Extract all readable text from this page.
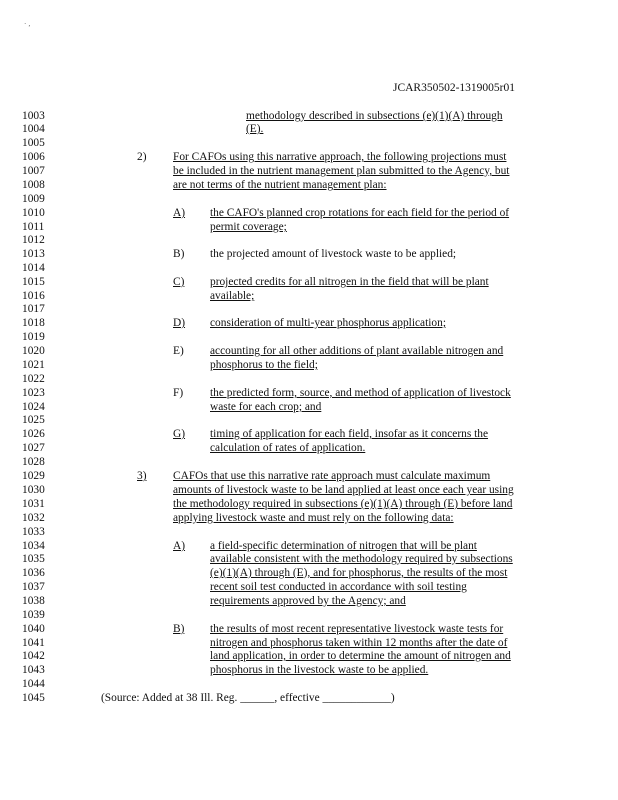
· ‚
JCAR350502-1319005r01
1003
1004
1005
1006
1007
1008
1009
1010
1011
1012
1013
1014
1015
1016
1017
1018
1019
1020
1021
1022
1023
1024
1025
1026
1027
1028
1029
1030
1031
1032
1033
1034
1035
1036
1037
1038
1039
1040
1041
1042
1043
1044
1045
methodology described in subsections (e)(1)(A) through
(E).
2) For CAFOs using this narrative approach, the following projections must
be included in the nutrient management plan submitted to the Agency, but
are not terms of the nutrient management plan:
A) the CAFO's planned crop rotations for each field for the period of
permit coverage;
B) the projected amount of livestock waste to be applied;
C) projected credits for all nitrogen in the field that will be plant
available;
D) consideration of multi-year phosphorus application;
E) accounting for all other additions of plant available nitrogen and
phosphorus to the field;
F) the predicted form, source, and method of application of livestock
waste for each crop; and
G) timing of application for each field, insofar as it concerns the
calculation of rates of application.
3) CAFOs that use this narrative rate approach must calculate maximum
amounts of livestock waste to be land applied at least once each year using
the methodology required in subsections (e)(1)(A) through (E) before land
applying livestock waste and must rely on the following data:
A) a field-specific determination of nitrogen that will be plant
available consistent with the methodology required by subsections
(e)(1)(A) through (E), and for phosphorus, the results of the most
recent soil test conducted in accordance with soil testing
requirements approved by the Agency; and
B) the results of most recent representative livestock waste tests for
nitrogen and phosphorus taken within 12 months after the date of
land application, in order to determine the amount of nitrogen and
phosphorus in the livestock waste to be applied.
(Source: Added at 38 Ill. Reg. ______, effective ____________)
